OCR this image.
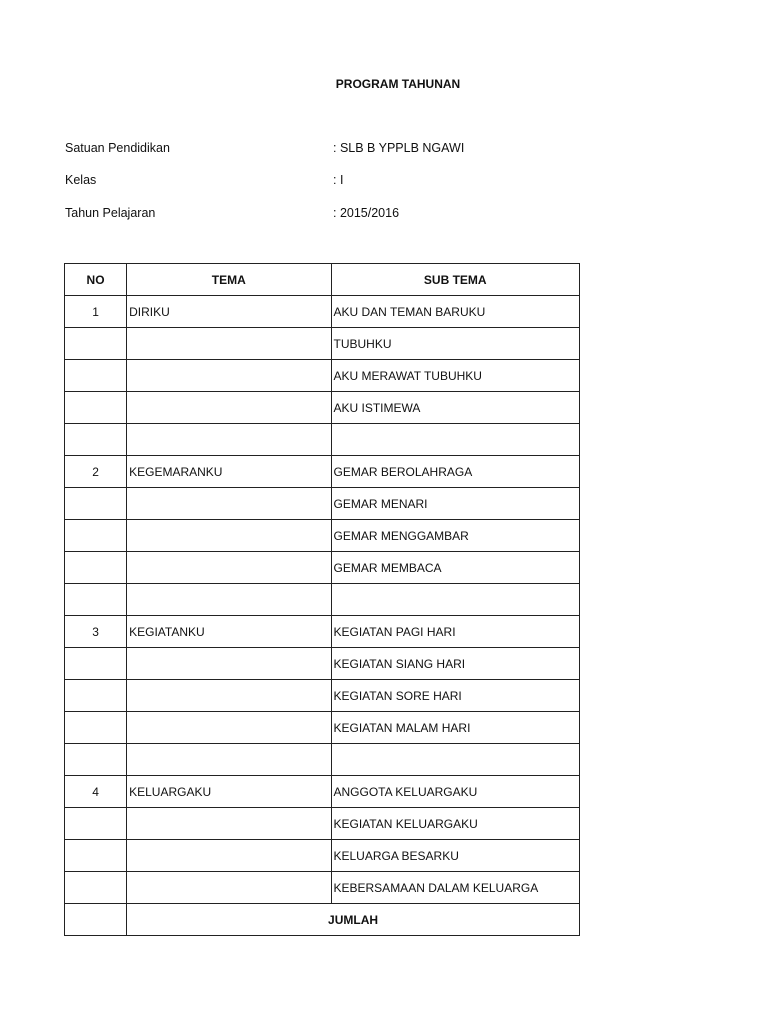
PROGRAM TAHUNAN
Satuan Pendidikan	: SLB B YPPLB NGAWI
Kelas	: I
Tahun Pelajaran	: 2015/2016
NO	TEMA	SUB TEMA
1	DIRIKU	AKU DAN TEMAN BARUKU
		TUBUHKU
		AKU MERAWAT TUBUHKU
		AKU ISTIMEWA

2	KEGEMARANKU	GEMAR BEROLAHRAGA
		GEMAR MENARI
		GEMAR MENGGAMBAR
		GEMAR MEMBACA

3	KEGIATANKU	KEGIATAN PAGI HARI
		KEGIATAN SIANG HARI
		KEGIATAN SORE HARI
		KEGIATAN MALAM HARI

4	KELUARGAKU	ANGGOTA KELUARGAKU
		KEGIATAN KELUARGAKU
		KELUARGA BESARKU
		KEBERSAMAAN DALAM KELUARGA
	JUMLAH	
